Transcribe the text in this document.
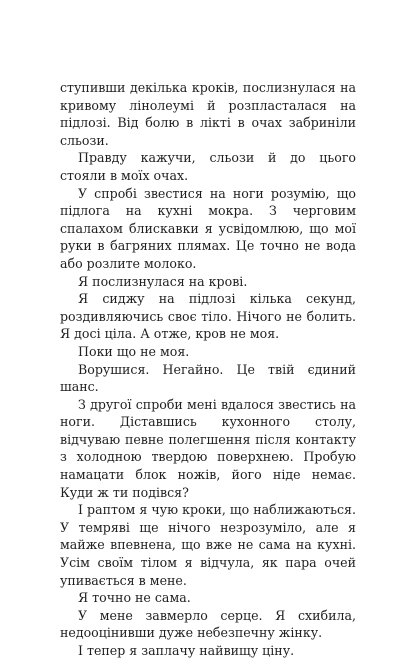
ступивши декілька кроків, послизнулася на кривому лінолеумі й розпласталася на підлозі. Від болю в лікті в очах забриніли сльози.

Правду кажучи, сльози й до цього стояли в моїх очах.

У спробі звестися на ноги розумію, що підлога на кухні мокра. З черговим спалахом блискавки я усвідомлюю, що мої руки в багряних плямах. Це точно не вода або розлите молоко.

Я послизнулася на крові.

Я сиджу на підлозі кілька секунд, роздивляючись своє тіло. Нічого не болить. Я досі ціла. А отже, кров не моя.

Поки що не моя.

Ворушися. Негайно. Це твій єдиний шанс.

З другої спроби мені вдалося звестись на ноги. Діставшись кухонного столу, відчуваю певне полегшення після контакту з холодною твердою поверхнею. Пробую намацати блок ножів, його ніде немає. Куди ж ти подівся?

І раптом я чую кроки, що наближаються. У темряві ще нічого незрозуміло, але я майже впевнена, що вже не сама на кухні. Усім своїм тілом я відчула, як пара очей упивається в мене.

Я точно не сама.

У мене завмерло серце. Я схибила, недооцінивши дуже небезпечну жінку.

І тепер я заплачу найвищу ціну.
